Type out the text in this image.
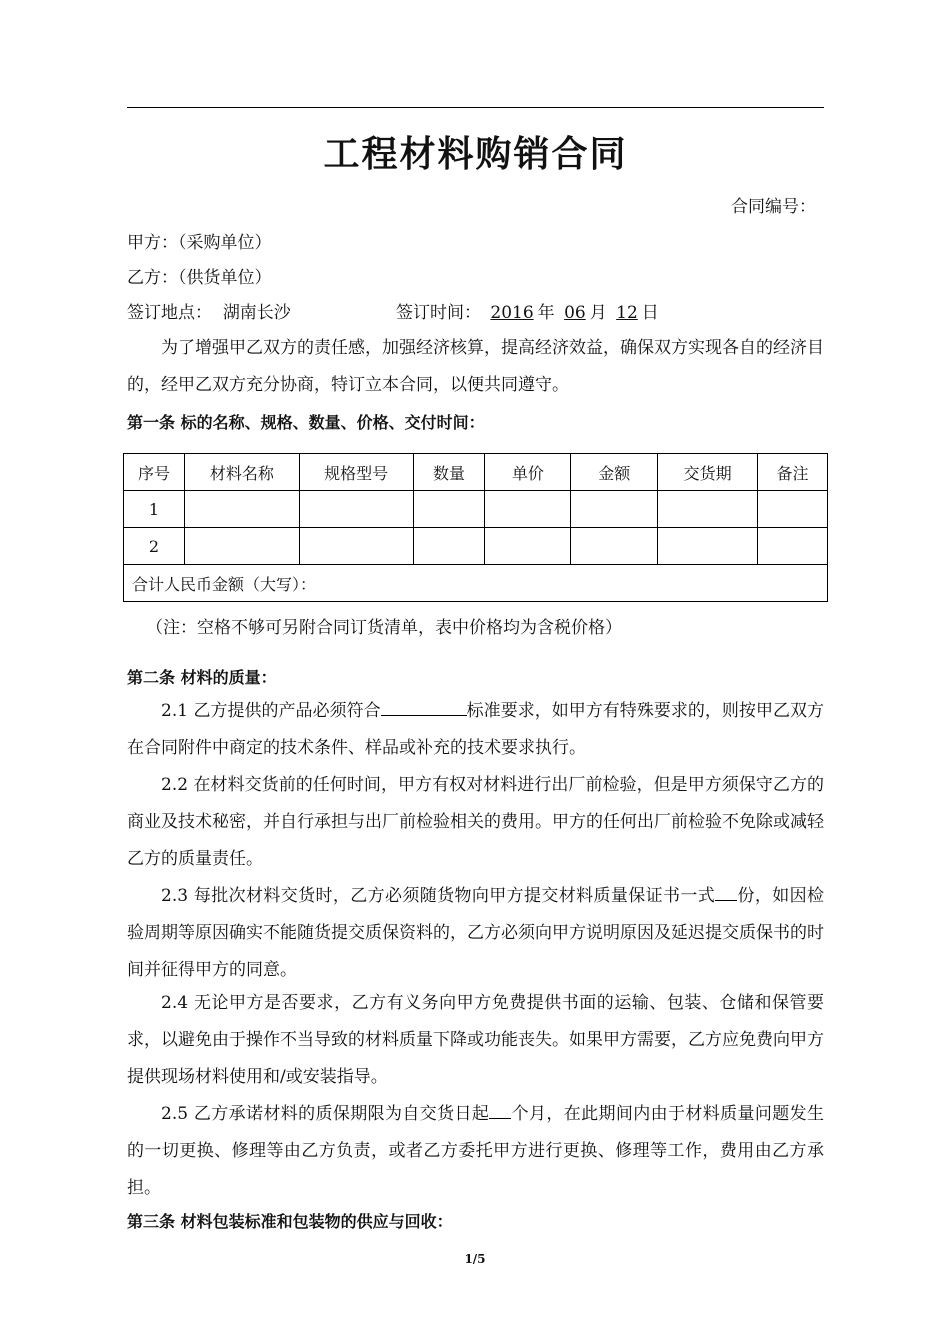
工程材料购销合同
合同编号：
甲方：（采购单位）
乙方：（供货单位）
签订地点： 湖南长沙	签订时间： 2016 年 06 月 12 日
为了增强甲乙双方的责任感，加强经济核算，提高经济效益，确保双方实现各自的经济目的，经甲乙双方充分协商，特订立本合同，以便共同遵守。
第一条 标的名称、规格、数量、价格、交付时间：
序号	材料名称	规格型号	数量	单价	金额	交货期	备注
1							
2							
合计人民币金额（大写）：							
（注：空格不够可另附合同订货清单，表中价格均为含税价格）
第二条 材料的质量：
2.1 乙方提供的产品必须符合	标准要求，如甲方有特殊要求的，则按甲乙双方在合同附件中商定的技术条件、样品或补充的技术要求执行。
2.2 在材料交货前的任何时间，甲方有权对材料进行出厂前检验，但是甲方须保守乙方的商业及技术秘密，并自行承担与出厂前检验相关的费用。甲方的任何出厂前检验不免除或减轻乙方的质量责任。
2.3 每批次材料交货时，乙方必须随货物向甲方提交材料质量保证书一式 份，如因检验周期等原因确实不能随货提交质保资料的，乙方必须向甲方说明原因及延迟提交质保书的时间并征得甲方的同意。
2.4 无论甲方是否要求，乙方有义务向甲方免费提供书面的运输、包装、仓储和保管要求，以避免由于操作不当导致的材料质量下降或功能丧失。如果甲方需要，乙方应免费向甲方提供现场材料使用和/或安装指导。
2.5 乙方承诺材料的质保期限为自交货日起 个月，在此期间内由于材料质量问题发生的一切更换、修理等由乙方负责，或者乙方委托甲方进行更换、修理等工作，费用由乙方承担。
第三条 材料包装标准和包装物的供应与回收：
1/5
